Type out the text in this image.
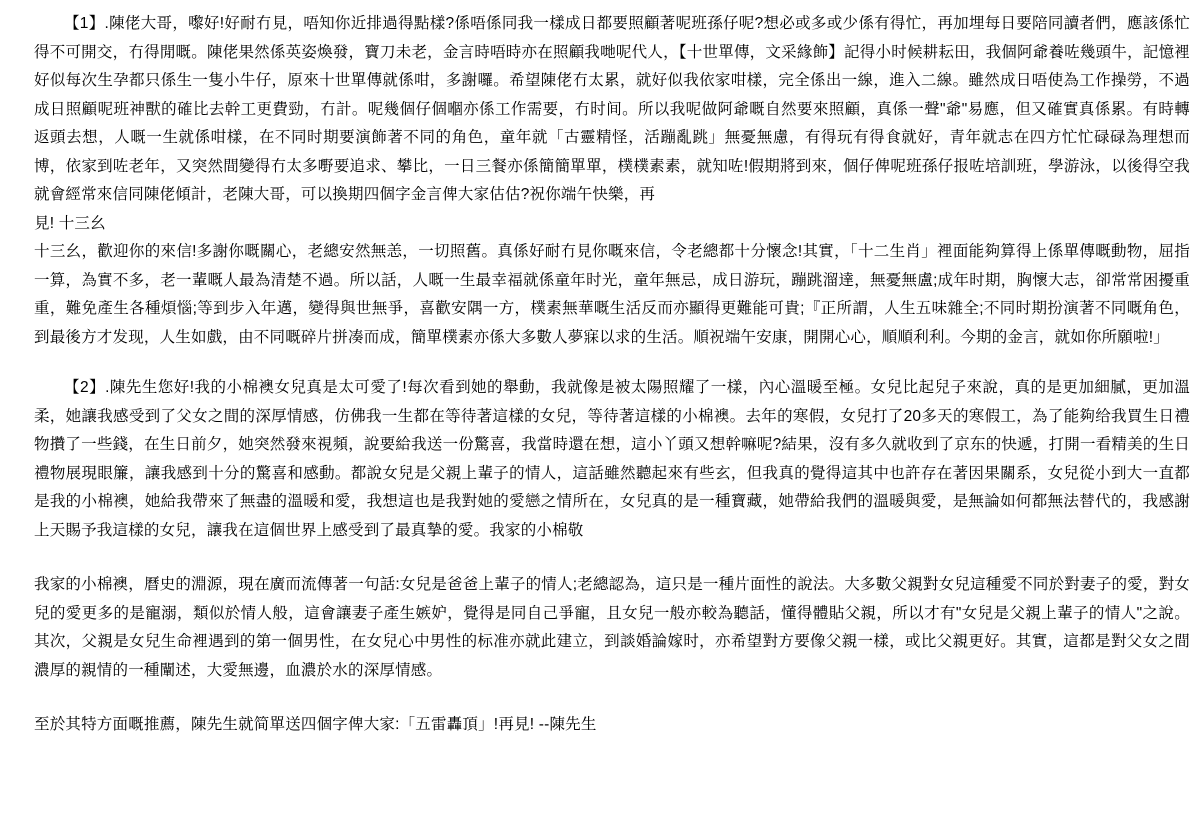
【1】.陳佬大哥，嚟好!好耐冇見，唔知你近排過得點樣?係唔係同我一樣成日都要照顧著呢班孫仔呢?想必或多或少係有得忙，再加埋每日要陪同讀者們，應該係忙得不可開交，冇得閒嘅。陳佬果然係英姿煥發，寶刀未老，金言時唔時亦在照顧我哋呢代人，【十世單傳，文采緣飾】記得小时候耕耘田，我個阿爺養咗幾頭牛，記憶裡好似每次生孕都只係生一隻小牛仔，原來十世單傳就係咁，多謝囉。希望陳佬冇太累，就好似我依家咁樣，完全係出一線，進入二線。雖然成日唔使為工作操勞，不過成日照顧呢班神獸的確比去幹工更費勁，冇計。呢幾個仔個嗰亦係工作需要，冇时间。所以我呢做阿爺嘅自然要來照顧，真係一聲"爺"易應，但又確實真係累。有時轉返頭去想，人嘅一生就係咁樣，在不同时期要演飾著不同的角色，童年就「古靈精怪，活蹦亂跳」無憂無慮，有得玩有得食就好，青年就志在四方忙忙碌碌為理想而博，依家到咗老年，又突然間變得冇太多嘢要追求、攀比，一日三餐亦係簡簡單單，樸樸素素，就知咗!假期將到來，個仔俾呢班孫仔报咗培訓班，學游泳，以後得空我就會經常來信同陳佬傾計，老陳大哥，可以換期四個字金言俾大家估估?祝你端午快樂，再
見! 十三幺
十三幺，歡迎你的來信!多謝你嘅關心，老總安然無恙，一切照舊。真係好耐冇見你嘅來信，令老總都十分懷念!其實，「十二生肖」裡面能夠算得上係單傳嘅動物，屈指一算，為實不多，老一輩嘅人最為清楚不過。所以話，人嘅一生最幸福就係童年时光，童年無忌，成日游玩，蹦跳溜達，無憂無盧;成年时期，胸懷大志，卻常常困擾重重，難免產生各種煩惱;等到步入年邁，變得與世無爭，喜歡安隅一方，樸素無華嘅生活反而亦顯得更難能可貴;『正所謂，人生五味雜全;不同时期扮演著不同嘅角色，到最後方才发现，人生如戲，由不同嘅碎片拼凑而成，簡單樸素亦係大多數人夢寐以求的生活。順祝端午安康，開開心心，順順利利。今期的金言，就如你所願啦!」
【2】.陳先生您好!我的小棉襖女兒真是太可愛了!每次看到她的舉動，我就像是被太陽照耀了一樣，內心溫暖至極。女兒比起兒子來說，真的是更加細膩，更加溫柔，她讓我感受到了父女之間的深厚情感，仿佛我一生都在等待著這樣的女兒，等待著這樣的小棉襖。去年的寒假，女兒打了20多天的寒假工，為了能夠给我買生日禮物攢了一些錢，在生日前夕，她突然發來視頻，說要給我送一份驚喜，我當時還在想，這小丫頭又想幹嘛呢?結果，沒有多久就收到了京东的快遞，打開一看精美的生日禮物展現眼簾，讓我感到十分的驚喜和感動。都說女兒是父親上輩子的情人，這話雖然聽起來有些玄，但我真的覺得這其中也許存在著因果關系，女兒從小到大一直都是我的小棉襖，她給我帶來了無盡的溫暖和愛，我想這也是我對她的愛戀之情所在，女兒真的是一種寶藏，她帶給我們的溫暖與愛，是無論如何都無法替代的，我感謝上天賜予我這樣的女兒，讓我在這個世界上感受到了最真摯的愛。我家的小棉敬
我家的小棉襖，曆史的淵源，現在廣而流傳著一句話:女兒是爸爸上輩子的情人;老總認為，這只是一種片面性的說法。大多數父親對女兒這種愛不同於對妻子的愛，對女兒的愛更多的是寵溺，類似於情人般，這會讓妻子產生嫉妒，覺得是同自己爭寵，且女兒一般亦較為聽話，懂得體貼父親，所以才有"女兒是父親上輩子的情人"之說。其次，父親是女兒生命裡遇到的第一個男性，在女兒心中男性的标准亦就此建立，到談婚論嫁时，亦希望對方要像父親一樣，或比父親更好。其實，這都是對父女之間濃厚的親情的一種闡述，大愛無邊，血濃於水的深厚情感。
至於其特方面嘅推薦，陳先生就简單送四個字俾大家:「五雷轟頂」!再見! --陳先生
